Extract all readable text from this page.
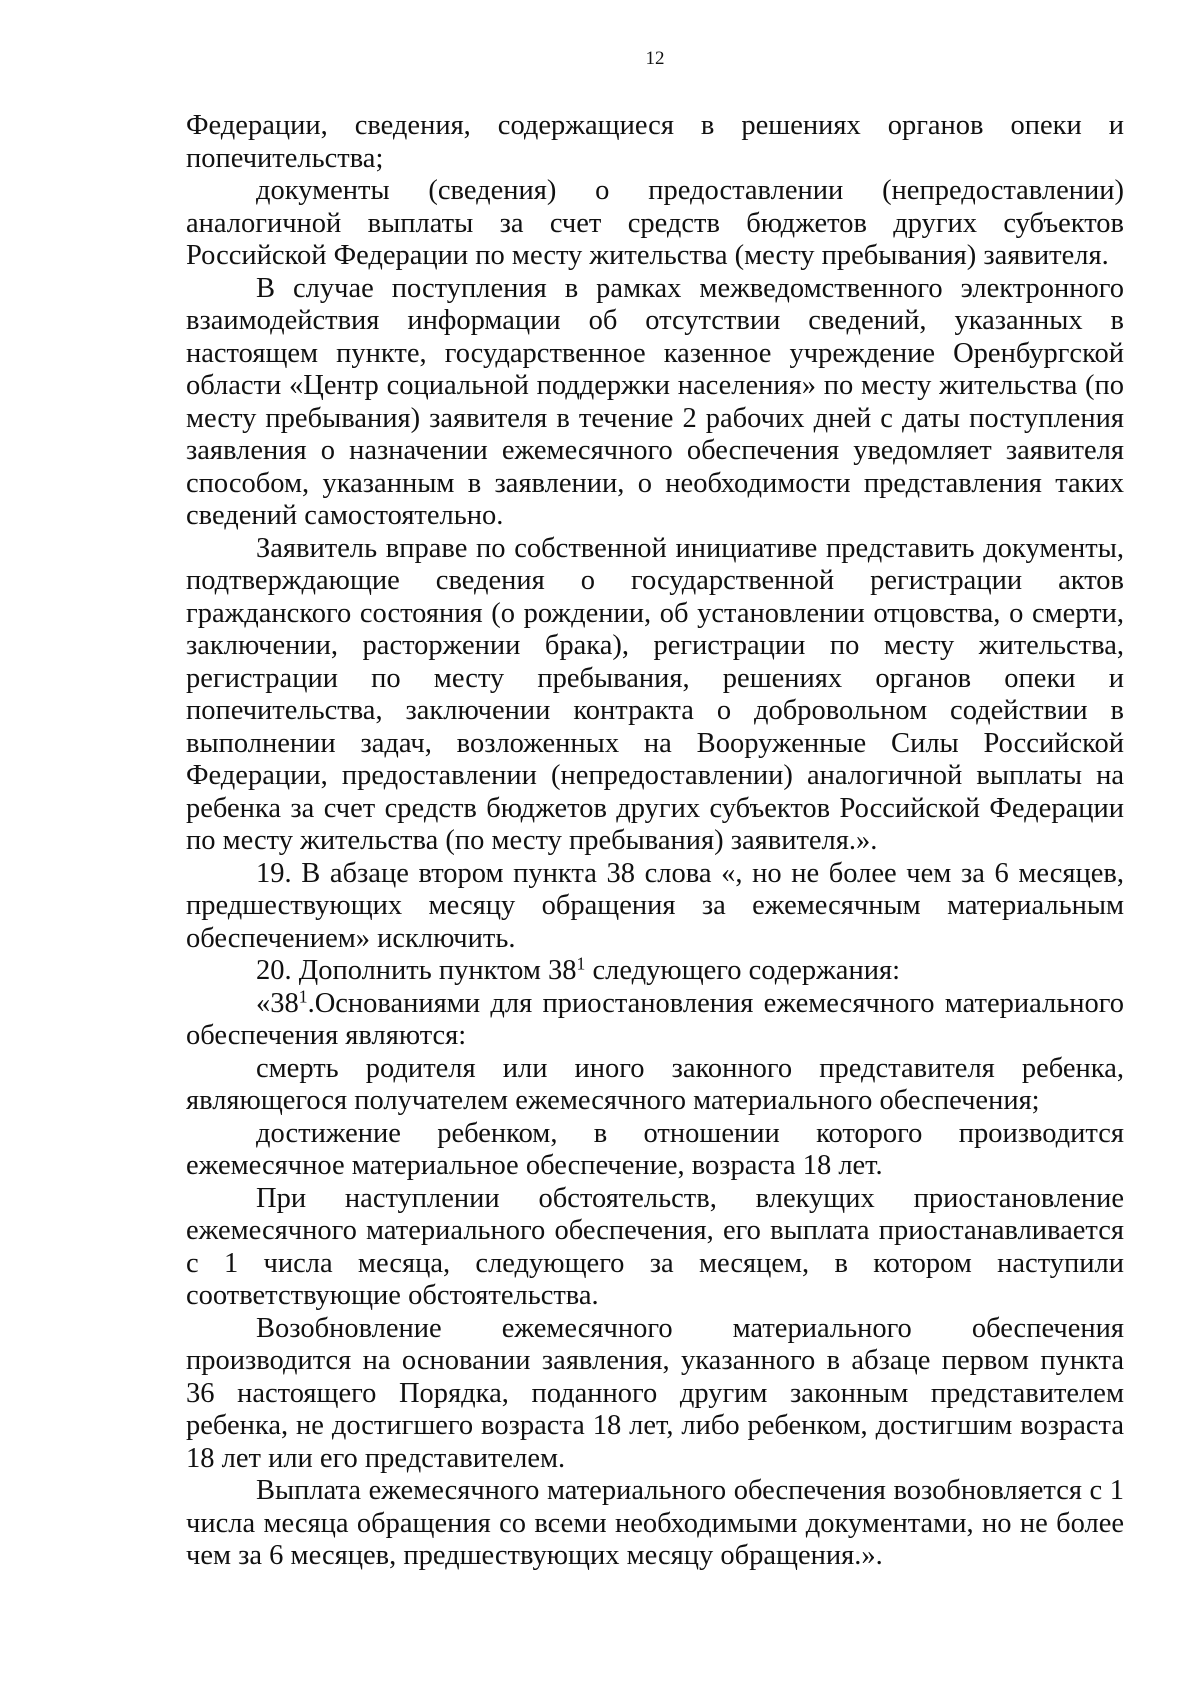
12

Федерации, сведения, содержащиеся в решениях органов опеки и попечительства;

документы (сведения) о предоставлении (непредоставлении) аналогичной выплаты за счет средств бюджетов других субъектов Российской Федерации по месту жительства (месту пребывания) заявителя.

В случае поступления в рамках межведомственного электронного взаимодействия информации об отсутствии сведений, указанных в настоящем пункте, государственное казенное учреждение Оренбургской области «Центр социальной поддержки населения» по месту жительства (по месту пребывания) заявителя в течение 2 рабочих дней с даты поступления заявления о назначении ежемесячного обеспечения уведомляет заявителя способом, указанным в заявлении, о необходимости представления таких сведений самостоятельно.

Заявитель вправе по собственной инициативе представить документы, подтверждающие сведения о государственной регистрации актов гражданского состояния (о рождении, об установлении отцовства, о смерти, заключении, расторжении брака), регистрации по месту жительства, регистрации по месту пребывания, решениях органов опеки и попечительства, заключении контракта о добровольном содействии в выполнении задач, возложенных на Вооруженные Силы Российской Федерации, предоставлении (непредоставлении) аналогичной выплаты на ребенка за счет средств бюджетов других субъектов Российской Федерации по месту жительства (по месту пребывания) заявителя.».

19. В абзаце втором пункта 38 слова «, но не более чем за 6 месяцев, предшествующих месяцу обращения за ежемесячным материальным обеспечением» исключить.

20. Дополнить пунктом $38^1$ следующего содержания:

«$38^1.Основаниями$ для приостановления ежемесячного материального обеспечения являются:

смерть родителя или иного законного представителя ребенка, являющегося получателем ежемесячного материального обеспечения;

достижение ребенком, в отношении которого производится ежемесячное материальное обеспечение, возраста 18 лет.

При наступлении обстоятельств, влекущих приостановление ежемесячного материального обеспечения, его выплата приостанавливается с 1 числа месяца, следующего за месяцем, в котором наступили соответствующие обстоятельства.

Возобновление ежемесячного материального обеспечения производится на основании заявления, указанного в абзаце первом пункта 36 настоящего Порядка, поданного другим законным представителем ребенка, не достигшего возраста 18 лет, либо ребенком, достигшим возраста 18 лет или его представителем.

Выплата ежемесячного материального обеспечения возобновляется с 1 числа месяца обращения со всеми необходимыми документами, но не более чем за 6 месяцев, предшествующих месяцу обращения.».
